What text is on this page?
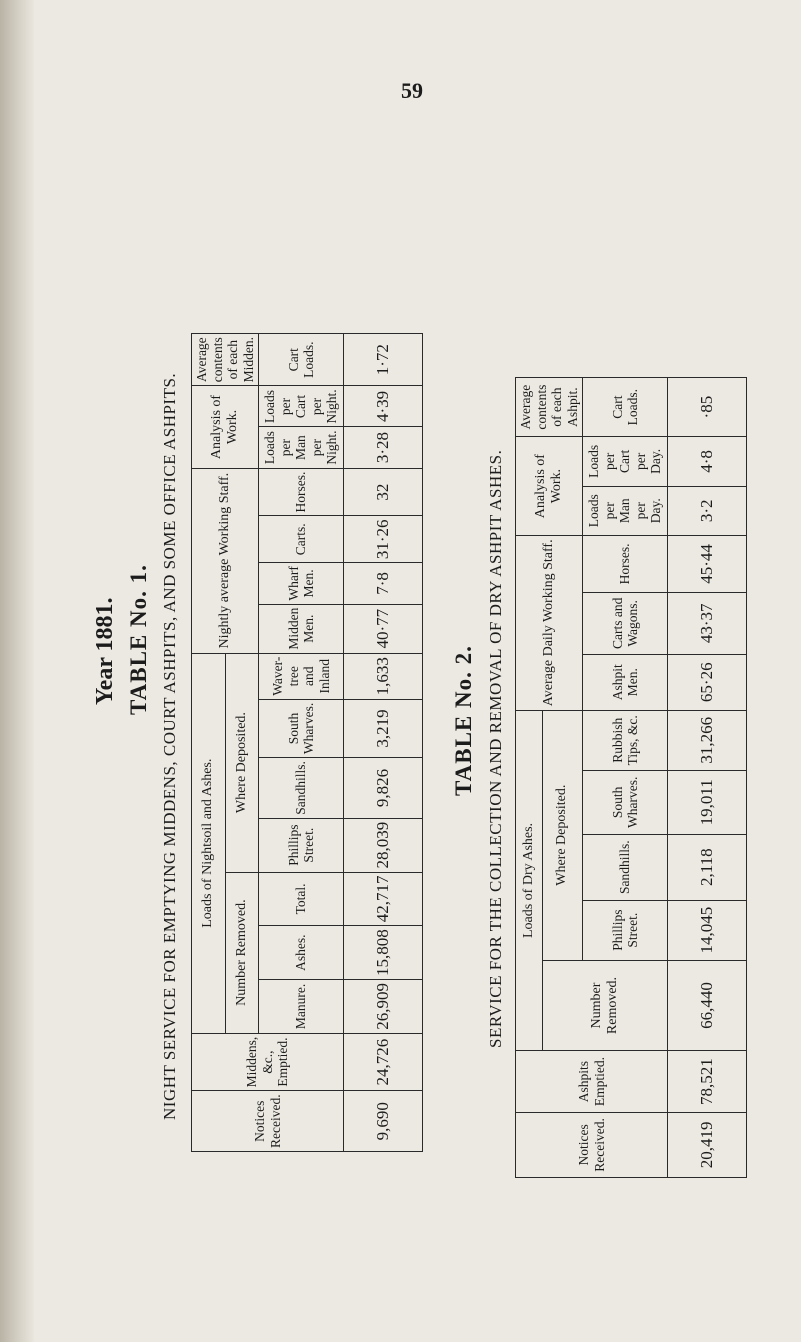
59
Year 1881. TABLE No. 1. NIGHT SERVICE FOR EMPTYING MIDDENS, COURT ASHPITS, AND SOME OFFICE ASHPITS.	TABLE No. 2. SERVICE FOR THE COLLECTION AND REMOVAL OF DRY ASHPIT ASHES.
Notices Received.	Middens, &c., Emptied.	Loads of Nightsoil and Ashes.							Nightly average Working Staff.				Analysis of Work.		Average contents of each Midden.
		Number Removed.			Where Deposited.										
		Manure.	Ashes.	Total.	Phillips Street.	Sandhills.	South Wharves.	Waver-tree and Inland	Midden Men.	Wharf Men.	Carts.	Horses.	Loads per Man per Night.	Loads per Cart per Night.	Cart Loads.
9,690	24,726	26,909	15,808	42,717	28,039	9,826	3,219	1,633	40·77	7·8	31·26	32	3·28	4·39	1·72
Notices Received.	Ashpits Emptied.	Loads of Dry Ashes.					Average Daily Working Staff.			Analysis of Work.		Average contents of each Ashpit.
		Number Removed.	Where Deposited.									
			Phillips Street.	Sandhills.	South Wharves.	Rubbish Tips, &c.	Ashpit Men.	Carts and Wagons.	Horses.	Loads per Man per Day.	Loads per Cart per Day.	Cart Loads.
20,419	78,521	66,440	14,045	2,118	19,011	31,266	65·26	43·37	45·44	3·2	4·8	·85
